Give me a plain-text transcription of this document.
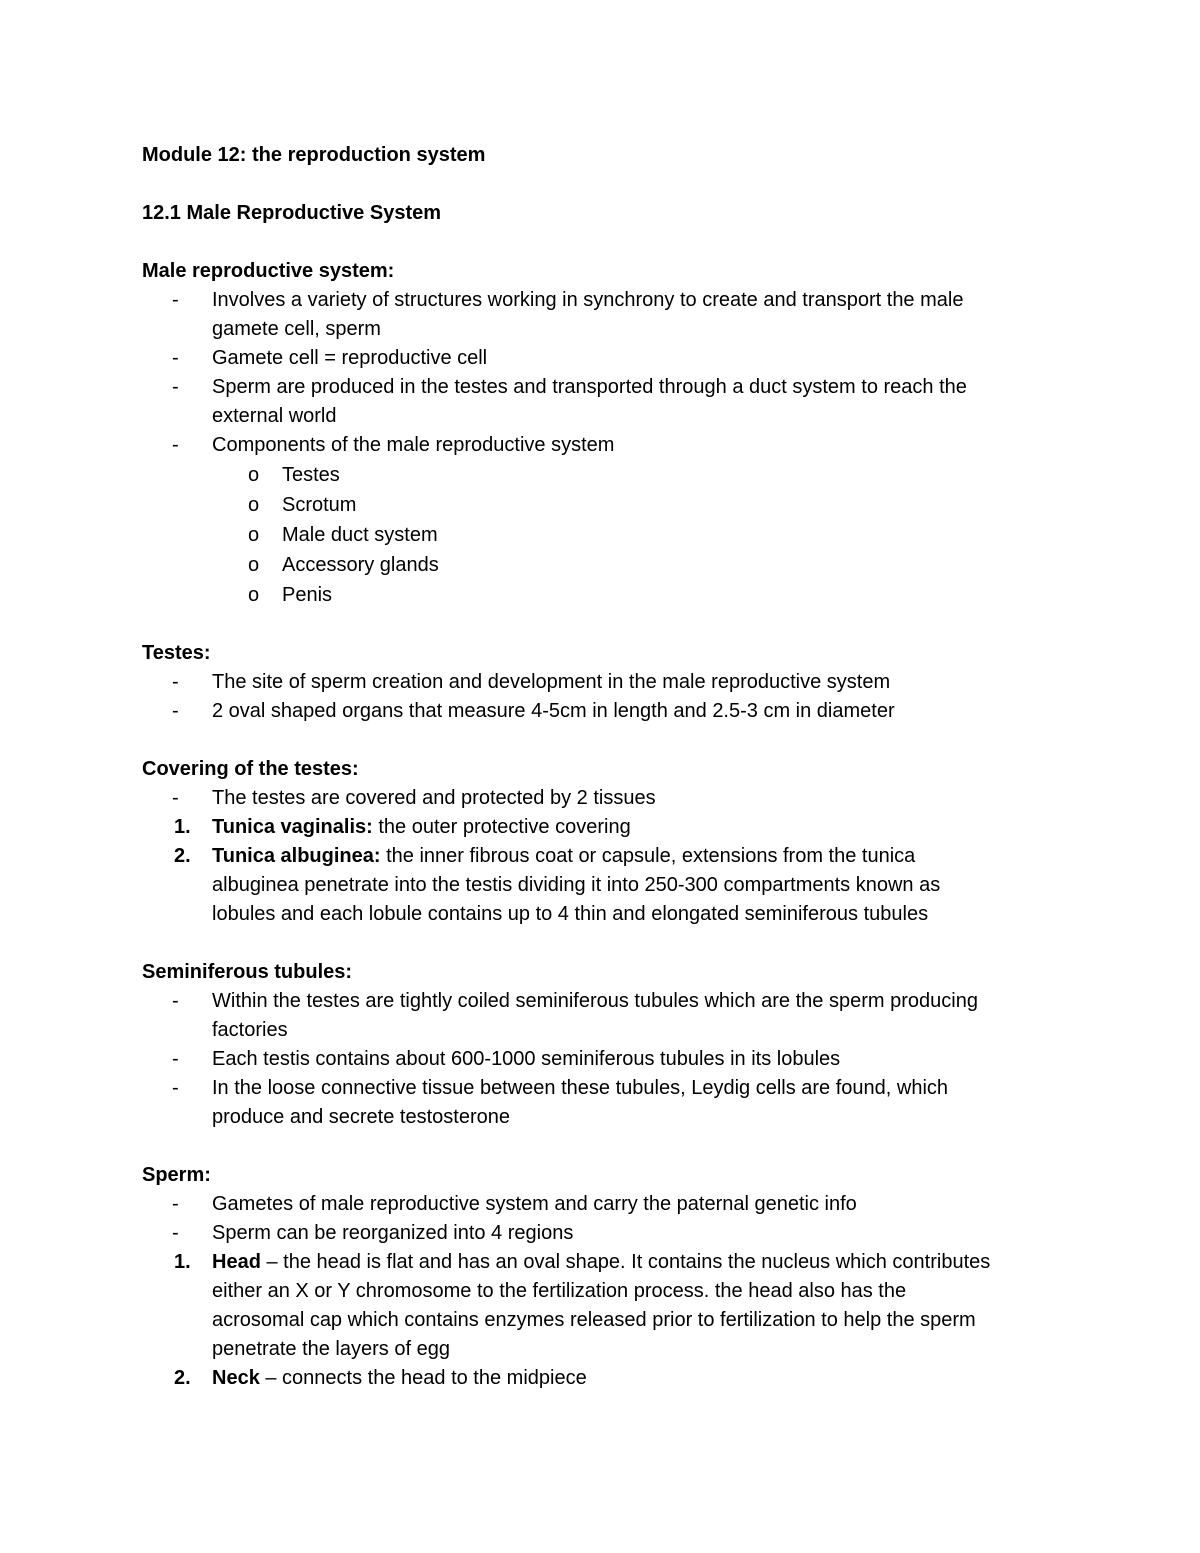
Module 12: the reproduction system
12.1 Male Reproductive System
Male reproductive system:
-	Involves a variety of structures working in synchrony to create and transport the male
gamete cell, sperm
-	Gamete cell = reproductive cell
-	Sperm are produced in the testes and transported through a duct system to reach the
external world
-	Components of the male reproductive system
o Testes
o Scrotum
o Male duct system
o Accessory glands
o Penis
Testes:
-	The site of sperm creation and development in the male reproductive system
-	2 oval shaped organs that measure 4-5cm in length and 2.5-3 cm in diameter
Covering of the testes:
-	The testes are covered and protected by 2 tissues
1. Tunica vaginalis: the outer protective covering
2. Tunica albuginea: the inner fibrous coat or capsule, extensions from the tunica
albuginea penetrate into the testis dividing it into 250-300 compartments known as
lobules and each lobule contains up to 4 thin and elongated seminiferous tubules
Seminiferous tubules:
-	Within the testes are tightly coiled seminiferous tubules which are the sperm producing
factories
-	Each testis contains about 600-1000 seminiferous tubules in its lobules
-	In the loose connective tissue between these tubules, Leydig cells are found, which
produce and secrete testosterone
Sperm:
-	Gametes of male reproductive system and carry the paternal genetic info
-	Sperm can be reorganized into 4 regions
1. Head – the head is flat and has an oval shape. It contains the nucleus which contributes
either an X or Y chromosome to the fertilization process. the head also has the
acrosomal cap which contains enzymes released prior to fertilization to help the sperm
penetrate the layers of egg
2. Neck – connects the head to the midpiece
